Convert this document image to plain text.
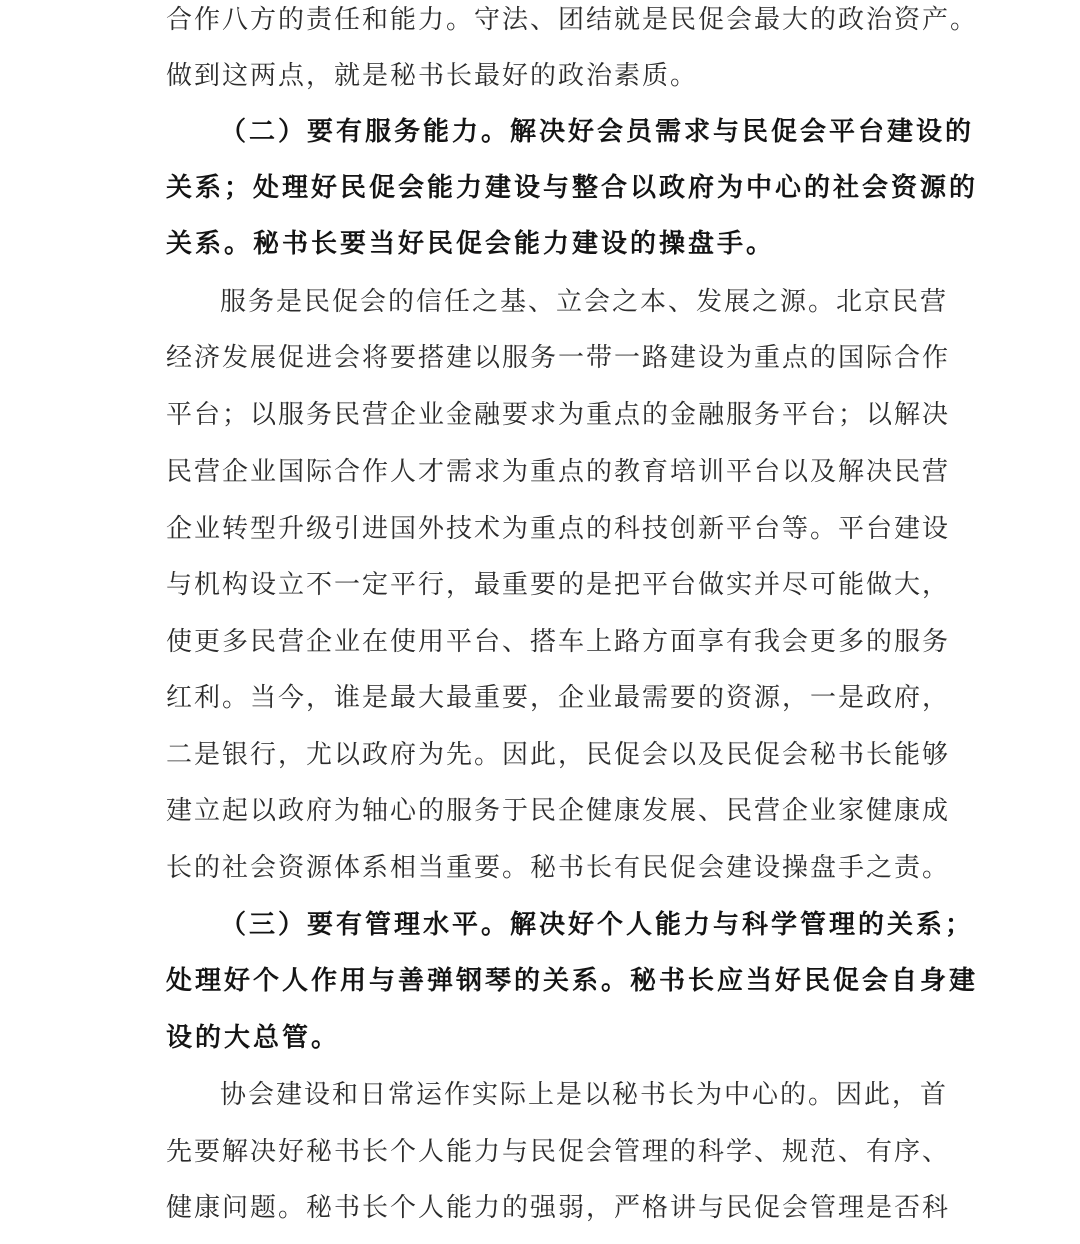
合作八方的责任和能力。守法、团结就是民促会最大的政治资产。
做到这两点，就是秘书长最好的政治素质。
（二）要有服务能力。解决好会员需求与民促会平台建设的
关系；处理好民促会能力建设与整合以政府为中心的社会资源的
关系。秘书长要当好民促会能力建设的操盘手。
服务是民促会的信任之基、立会之本、发展之源。北京民营
经济发展促进会将要搭建以服务一带一路建设为重点的国际合作
平台；以服务民营企业金融要求为重点的金融服务平台；以解决
民营企业国际合作人才需求为重点的教育培训平台以及解决民营
企业转型升级引进国外技术为重点的科技创新平台等。平台建设
与机构设立不一定平行，最重要的是把平台做实并尽可能做大，
使更多民营企业在使用平台、搭车上路方面享有我会更多的服务
红利。当今，谁是最大最重要，企业最需要的资源，一是政府，
二是银行，尤以政府为先。因此，民促会以及民促会秘书长能够
建立起以政府为轴心的服务于民企健康发展、民营企业家健康成
长的社会资源体系相当重要。秘书长有民促会建设操盘手之责。
（三）要有管理水平。解决好个人能力与科学管理的关系；
处理好个人作用与善弹钢琴的关系。秘书长应当好民促会自身建
设的大总管。
协会建设和日常运作实际上是以秘书长为中心的。因此，首
先要解决好秘书长个人能力与民促会管理的科学、规范、有序、
健康问题。秘书长个人能力的强弱，严格讲与民促会管理是否科
